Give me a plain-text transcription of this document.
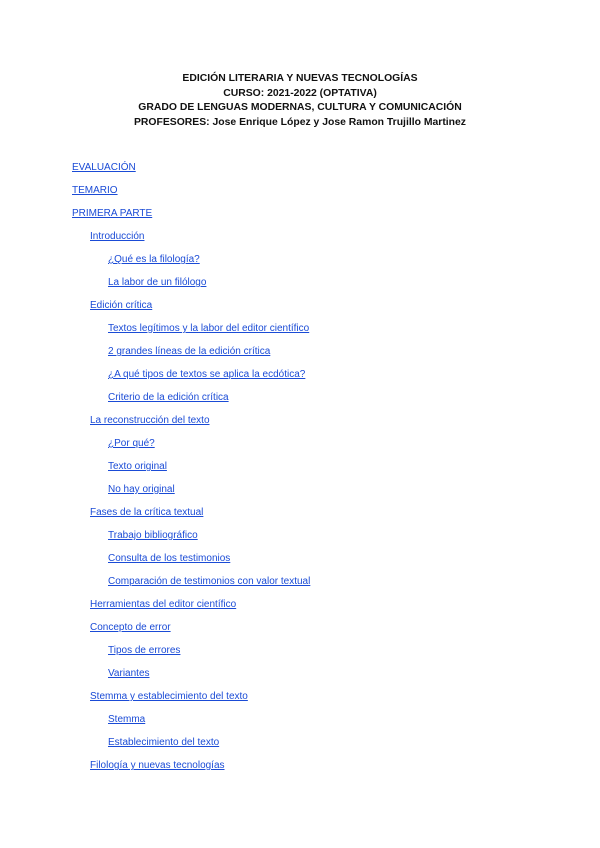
EDICIÓN LITERARIA Y NUEVAS TECNOLOGÍAS
CURSO: 2021-2022 (OPTATIVA)
GRADO DE LENGUAS MODERNAS, CULTURA Y COMUNICACIÓN
PROFESORES: Jose Enrique López y Jose Ramon Trujillo Martinez
EVALUACIÓN
TEMARIO
PRIMERA PARTE
Introducción
¿Qué es la filología?
La labor de un filólogo
Edición crítica
Textos legítimos y la labor del editor científico
2 grandes líneas de la edición crítica
¿A qué tipos de textos se aplica la ecdótica?
Criterio de la edición crítica
La reconstrucción del texto
¿Por qué?
Texto original
No hay original
Fases de la crítica textual
Trabajo bibliográfico
Consulta de los testimonios
Comparación de testimonios con valor textual
Herramientas del editor científico
Concepto de error
Tipos de errores
Variantes
Stemma y establecimiento del texto
Stemma
Establecimiento del texto
Filología y nuevas tecnologías
